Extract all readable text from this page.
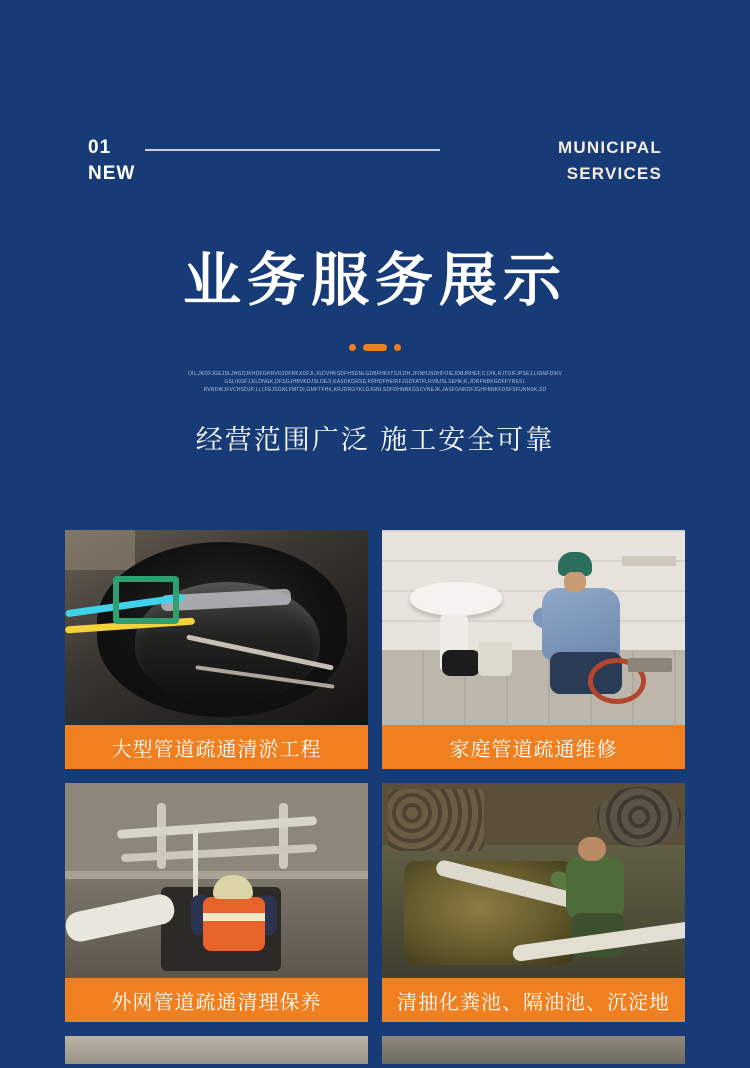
01
NEW
MUNICIPAL
SERVICES
业务服务展示
OIL,JKDFJGEJSLJHGOJKHDFGHRVDJDFRKXDFJI,JGDVHKSDFHSDNLGDBFHK#TSJLDH,JFINHJSDHFOIEJDBJRHEF,C;DIK,RJTOIFJPSEJ,LIGNFDIKV
GSLIKGFJ;ELDNGK,DFSGJHBVKDJSLDEJI,KASDKGRSE,KRHDFHEIRFJGDFATFLRVBJSLSEHK;K,JDRFNBKGDFFYRESL
RVRDIKJFVCHSDJF;LLI;FEJSGNLFMTDI,GMFTFHK,KRJDRGYKLDJGNLSDFDHNBKGSCVNEJK,JASFGNKDFJGHFBNKFDSFSFUNNSK,SD
经营范围广泛 施工安全可靠
大型管道疏通清淤工程	家庭管道疏通维修
外网管道疏通清理保养	清抽化粪池、隔油池、沉淀地
